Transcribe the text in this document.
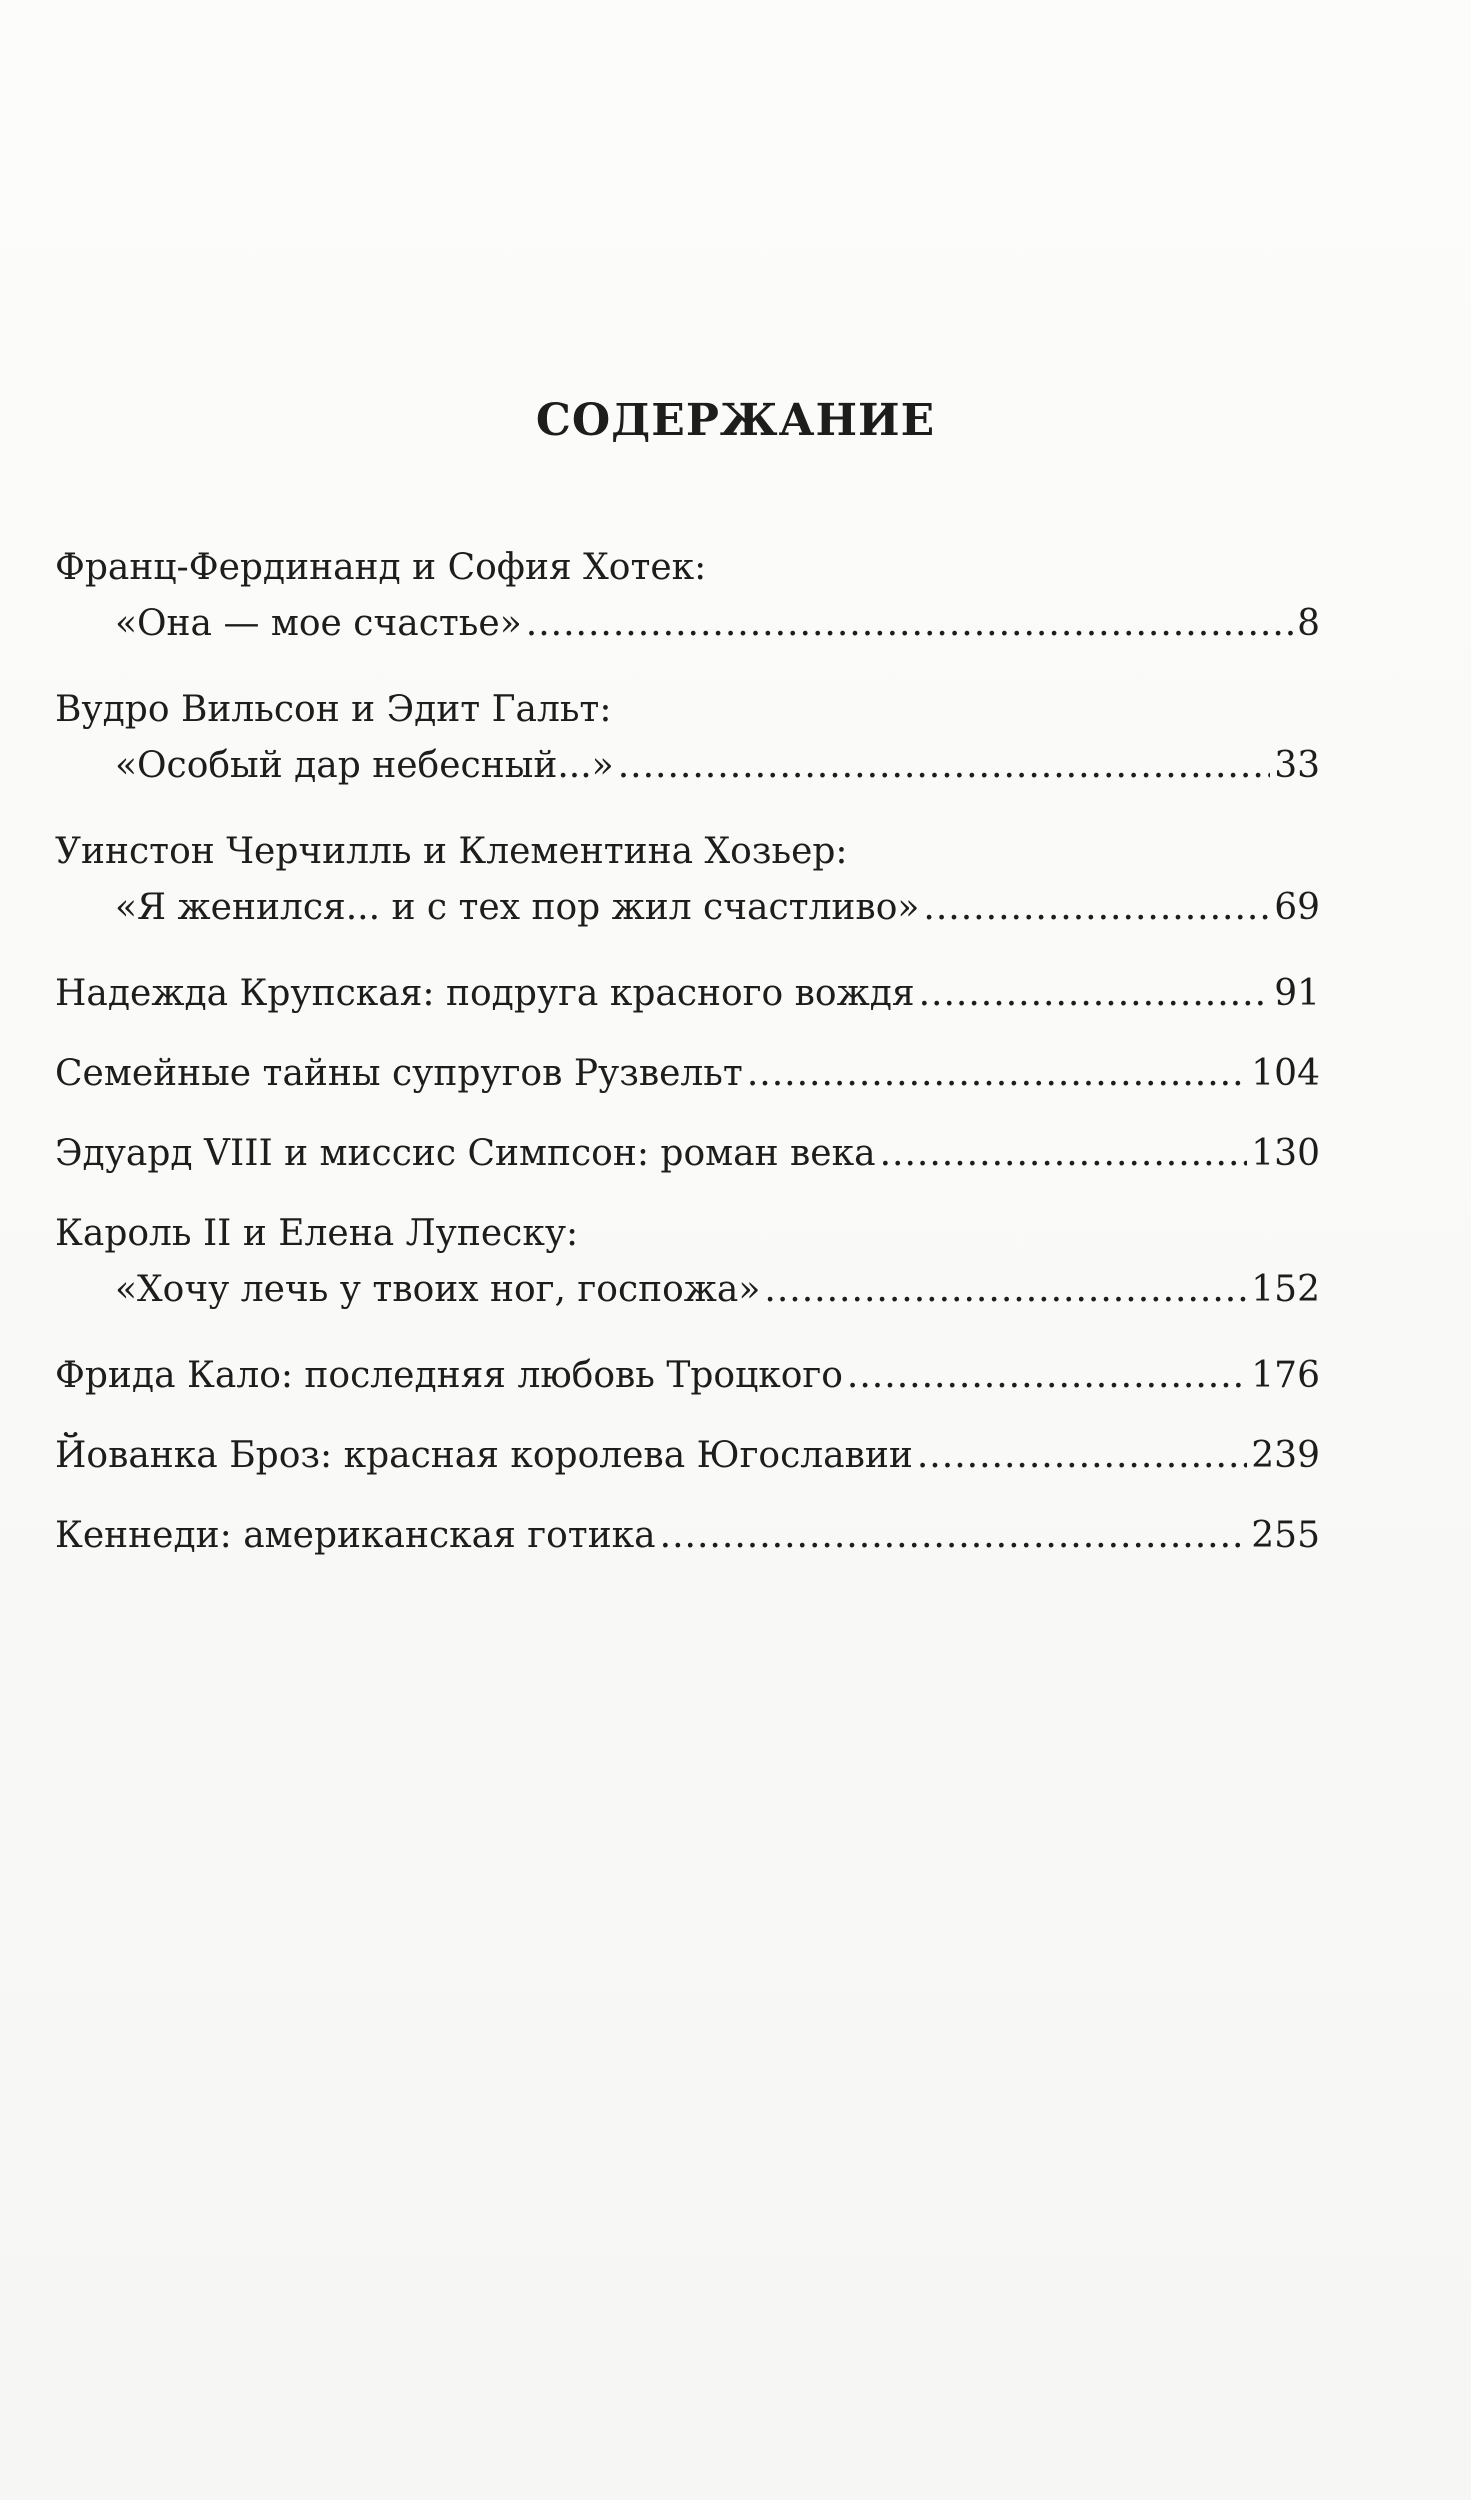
СОДЕРЖАНИЕ
Франц-Фердинанд и София Хотек:
«Она — мое счастье» .....	8
Вудро Вильсон и Эдит Гальт:
«Особый дар небесный...» .....	33
Уинстон Черчилль и Клементина Хозьер:
«Я женился... и с тех пор жил счастливо» .....	69
Надежда Крупская: подруга красного вождя .....	91
Семейные тайны супругов Рузвельт .....	104
Эдуард VIII и миссис Симпсон: роман века .....	130
Кароль II и Елена Лупеску:
«Хочу лечь у твоих ног, госпожа» .....	152
Фрида Кало: последняя любовь Троцкого .....	176
Йованка Броз: красная королева Югославии .....	239
Кеннеди: американская готика .....	255
